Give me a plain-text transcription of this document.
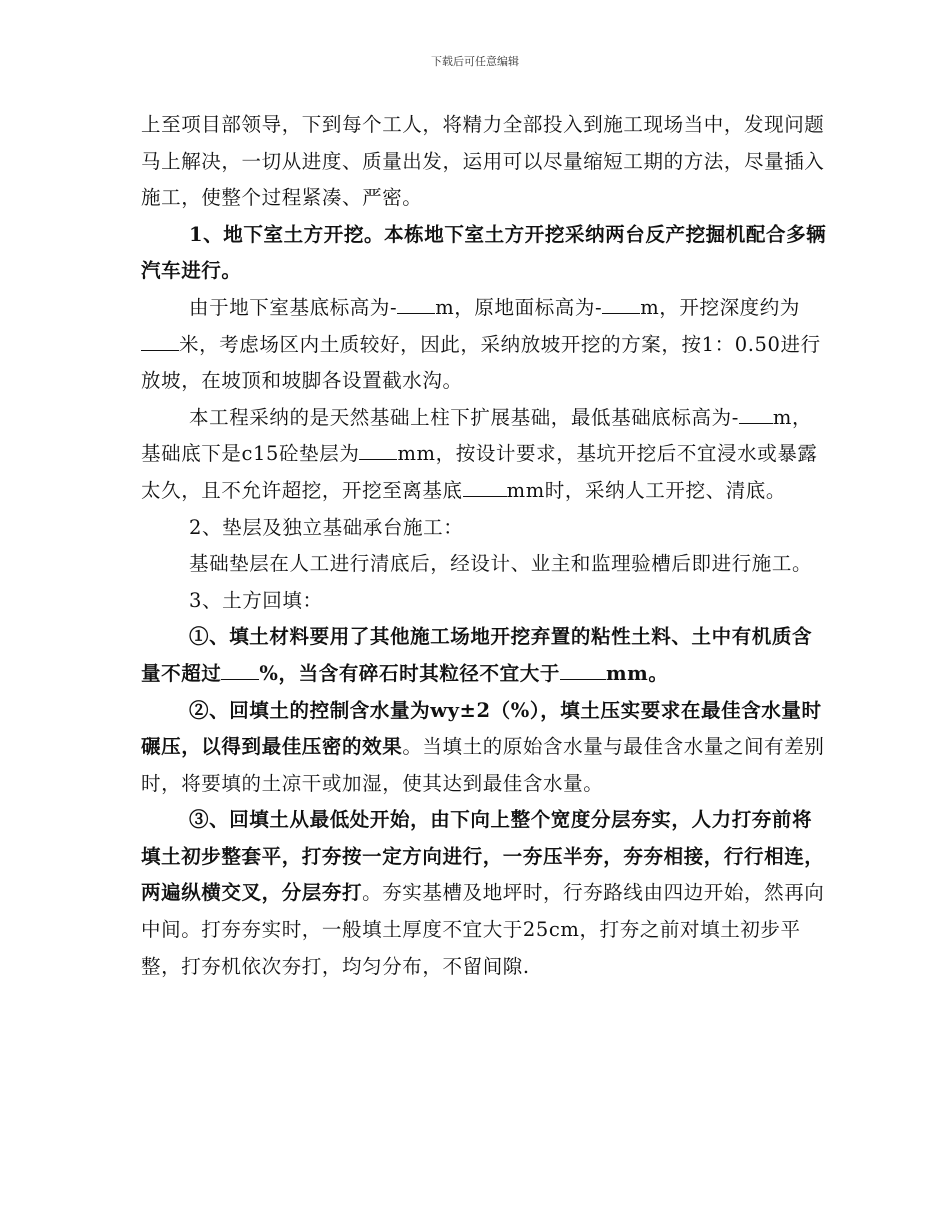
下载后可任意编辑

上至项目部领导，下到每个工人，将精力全部投入到施工现场当中，发现问题马上解决，一切从进度、质量出发，运用可以尽量缩短工期的方法，尽量插入施工，使整个过程紧凑、严密。

1、地下室土方开挖。本栋地下室土方开挖采纳两台反产挖掘机配合多辆汽车进行。

由于地下室基底标高为- m，原地面标高为- m，开挖深度约为米，考虑场区内土质较好，因此，采纳放坡开挖的方案，按1：0.50进行放坡，在坡顶和坡脚各设置截水沟。

本工程采纳的是天然基础上柱下扩展基础，最低基础底标高为- m，基础底下是c15砼垫层为 mm，按设计要求，基坑开挖后不宜浸水或暴露太久，且不允许超挖，开挖至离基底 mm时，采纳人工开挖、清底。

2、垫层及独立基础承台施工：

基础垫层在人工进行清底后，经设计、业主和监理验槽后即进行施工。

3、土方回填：

①、填土材料要用了其他施工场地开挖弃置的粘性土料、土中有机质含量不超过 %，当含有碎石时其粒径不宜大于 mm。

②、回填土的控制含水量为wy±2（%），填土压实要求在最佳含水量时碾压，以得到最佳压密的效果。当填土的原始含水量与最佳含水量之间有差别时，将要填的土凉干或加湿，使其达到最佳含水量。

③、回填土从最低处开始，由下向上整个宽度分层夯实，人力打夯前将填土初步整套平，打夯按一定方向进行，一夯压半夯，夯夯相接，行行相连，两遍纵横交叉，分层夯打。夯实基槽及地坪时，行夯路线由四边开始，然再向中间。打夯夯实时，一般填土厚度不宜大于25cm，打夯之前对填土初步平整，打夯机依次夯打，均匀分布，不留间隙.
